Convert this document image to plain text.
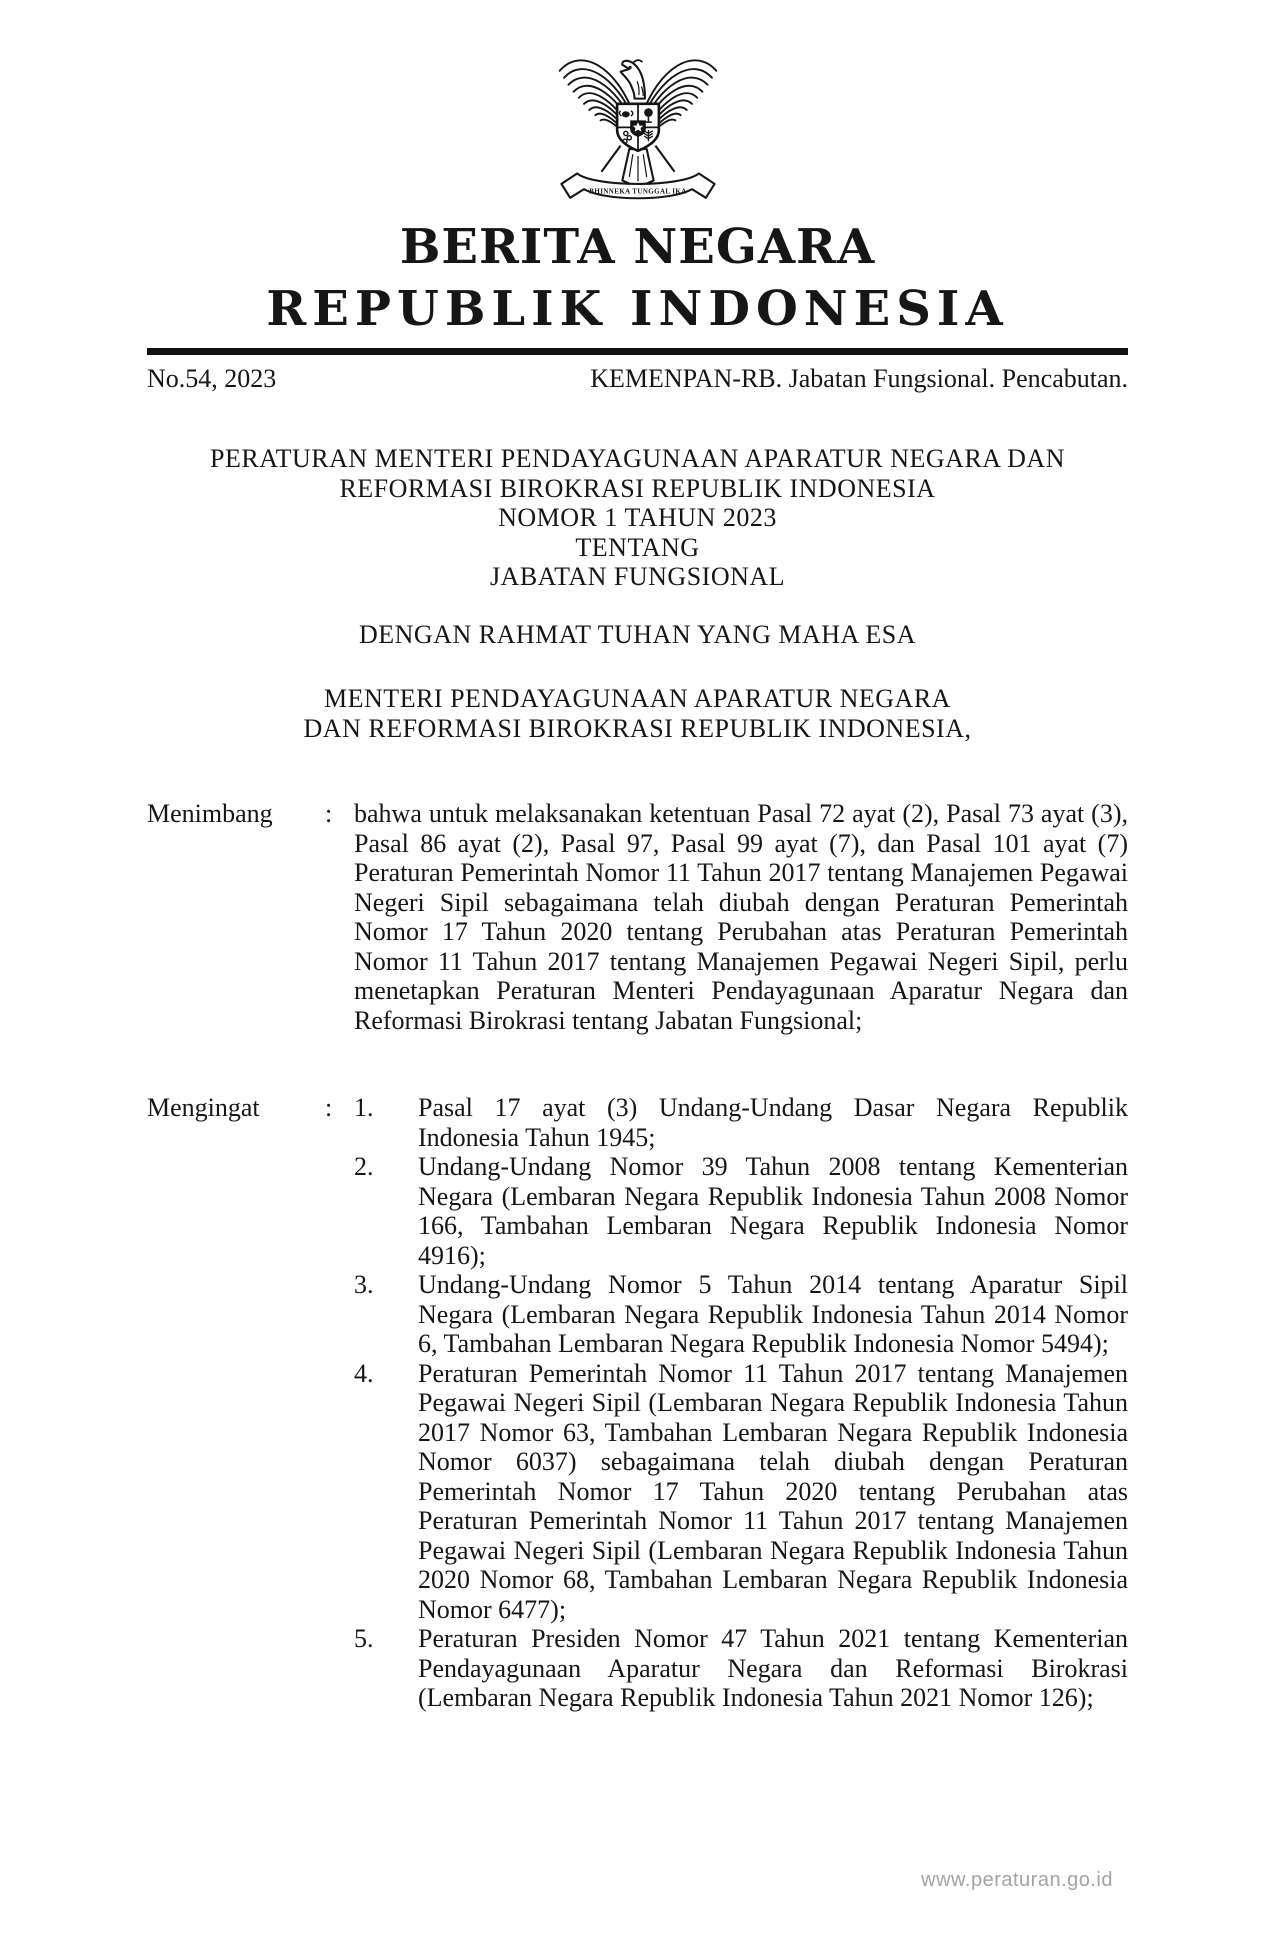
BHINNEKA TUNGGAL IKA
BERITA NEGARA
REPUBLIK INDONESIA
No.54, 2023	KEMENPAN-RB. Jabatan Fungsional. Pencabutan.
PERATURAN MENTERI PENDAYAGUNAAN APARATUR NEGARA DAN
REFORMASI BIROKRASI REPUBLIK INDONESIA
NOMOR 1 TAHUN 2023
TENTANG
JABATAN FUNGSIONAL
DENGAN RAHMAT TUHAN YANG MAHA ESA
MENTERI PENDAYAGUNAAN APARATUR NEGARA
DAN REFORMASI BIROKRASI REPUBLIK INDONESIA,
Menimbang	: bahwa untuk melaksanakan ketentuan Pasal 72 ayat (2), Pasal 73 ayat (3), Pasal 86 ayat (2), Pasal 97, Pasal 99 ayat (7), dan Pasal 101 ayat (7) Peraturan Pemerintah Nomor 11 Tahun 2017 tentang Manajemen Pegawai Negeri Sipil sebagaimana telah diubah dengan Peraturan Pemerintah Nomor 17 Tahun 2020 tentang Perubahan atas Peraturan Pemerintah Nomor 11 Tahun 2017 tentang Manajemen Pegawai Negeri Sipil, perlu menetapkan Peraturan Menteri Pendayagunaan Aparatur Negara dan Reformasi Birokrasi tentang Jabatan Fungsional;
Mengingat	: 1.	Pasal 17 ayat (3) Undang-Undang Dasar Negara Republik Indonesia Tahun 1945;
2.	Undang-Undang Nomor 39 Tahun 2008 tentang Kementerian Negara (Lembaran Negara Republik Indonesia Tahun 2008 Nomor 166, Tambahan Lembaran Negara Republik Indonesia Nomor 4916);
3.	Undang-Undang Nomor 5 Tahun 2014 tentang Aparatur Sipil Negara (Lembaran Negara Republik Indonesia Tahun 2014 Nomor 6, Tambahan Lembaran Negara Republik Indonesia Nomor 5494);
4.	Peraturan Pemerintah Nomor 11 Tahun 2017 tentang Manajemen Pegawai Negeri Sipil (Lembaran Negara Republik Indonesia Tahun 2017 Nomor 63, Tambahan Lembaran Negara Republik Indonesia Nomor 6037) sebagaimana telah diubah dengan Peraturan Pemerintah Nomor 17 Tahun 2020 tentang Perubahan atas Peraturan Pemerintah Nomor 11 Tahun 2017 tentang Manajemen Pegawai Negeri Sipil (Lembaran Negara Republik Indonesia Tahun 2020 Nomor 68, Tambahan Lembaran Negara Republik Indonesia Nomor 6477);
5.	Peraturan Presiden Nomor 47 Tahun 2021 tentang Kementerian Pendayagunaan Aparatur Negara dan Reformasi Birokrasi (Lembaran Negara Republik Indonesia Tahun 2021 Nomor 126);
www.peraturan.go.id
